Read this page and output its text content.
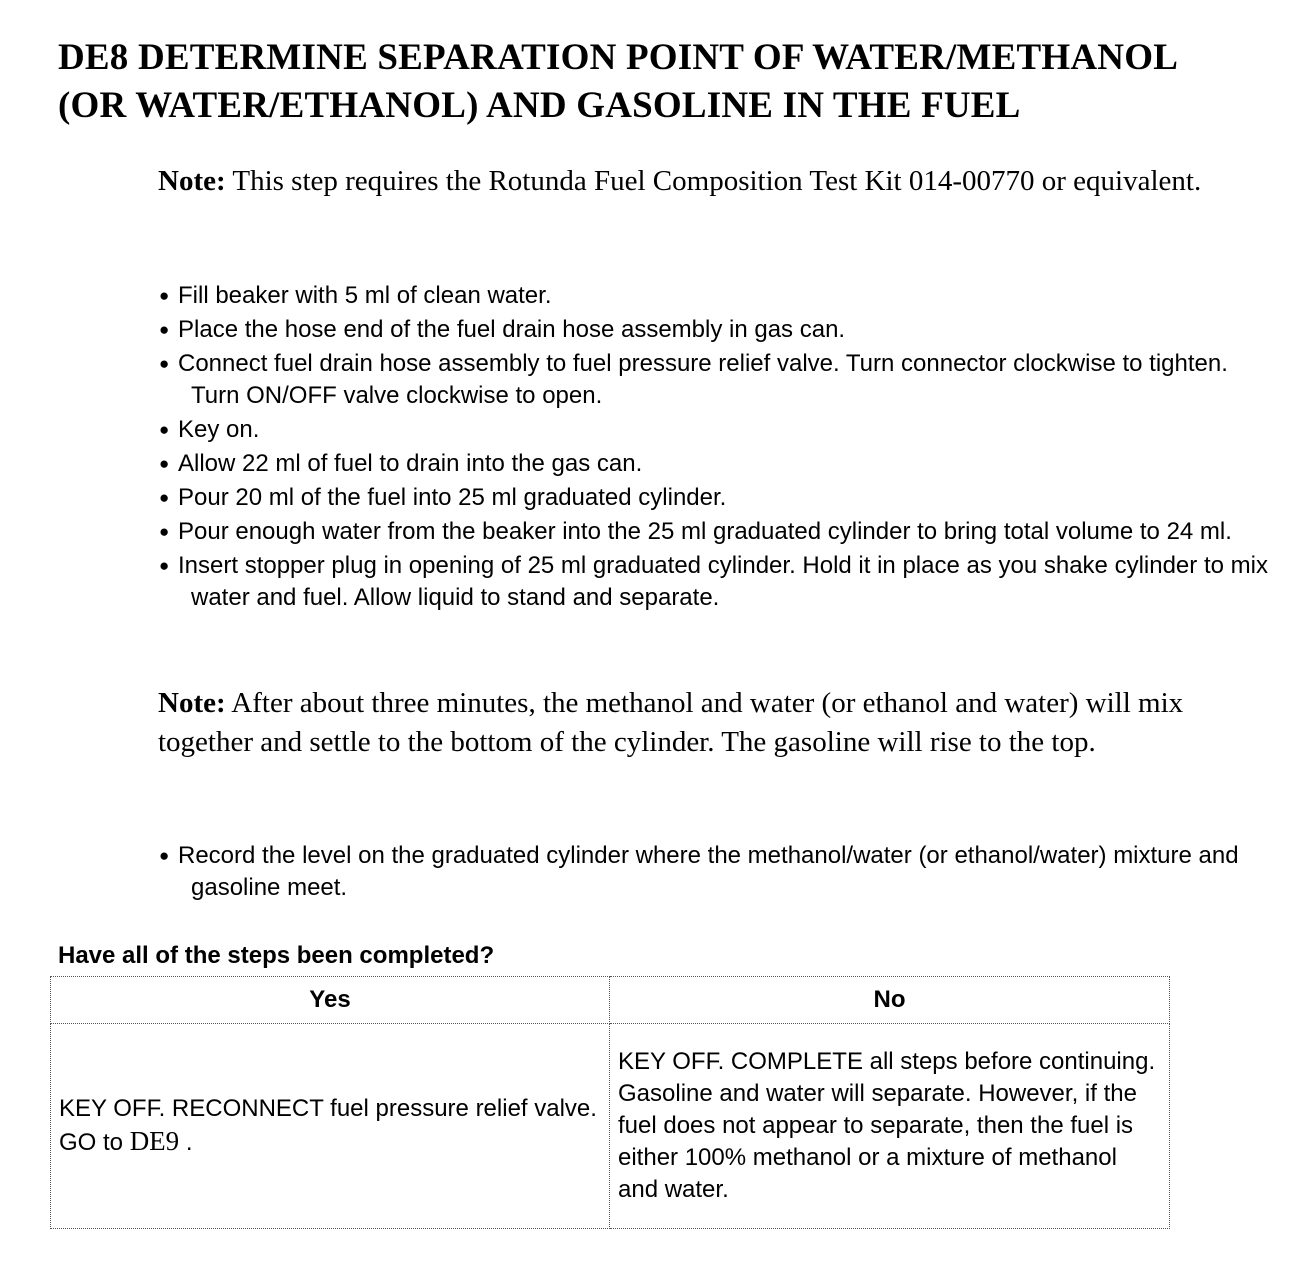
DE8 DETERMINE SEPARATION POINT OF WATER/METHANOL
(OR WATER/ETHANOL) AND GASOLINE IN THE FUEL

Note: This step requires the Rotunda Fuel Composition Test Kit 014-00770 or equivalent.

● Fill beaker with 5 ml of clean water.
● Place the hose end of the fuel drain hose assembly in gas can.
● Connect fuel drain hose assembly to fuel pressure relief valve. Turn connector clockwise to tighten. Turn ON/OFF valve clockwise to open.
● Key on.
● Allow 22 ml of fuel to drain into the gas can.
● Pour 20 ml of the fuel into 25 ml graduated cylinder.
● Pour enough water from the beaker into the 25 ml graduated cylinder to bring total volume to 24 ml.
● Insert stopper plug in opening of 25 ml graduated cylinder. Hold it in place as you shake cylinder to mix water and fuel. Allow liquid to stand and separate.

Note: After about three minutes, the methanol and water (or ethanol and water) will mix together and settle to the bottom of the cylinder. The gasoline will rise to the top.

● Record the level on the graduated cylinder where the methanol/water (or ethanol/water) mixture and gasoline meet.

Have all of the steps been completed?

Yes	No
KEY OFF. RECONNECT fuel pressure relief valve. GO to DE9 .	KEY OFF. COMPLETE all steps before continuing. Gasoline and water will separate. However, if the fuel does not appear to separate, then the fuel is either 100% methanol or a mixture of methanol and water.
